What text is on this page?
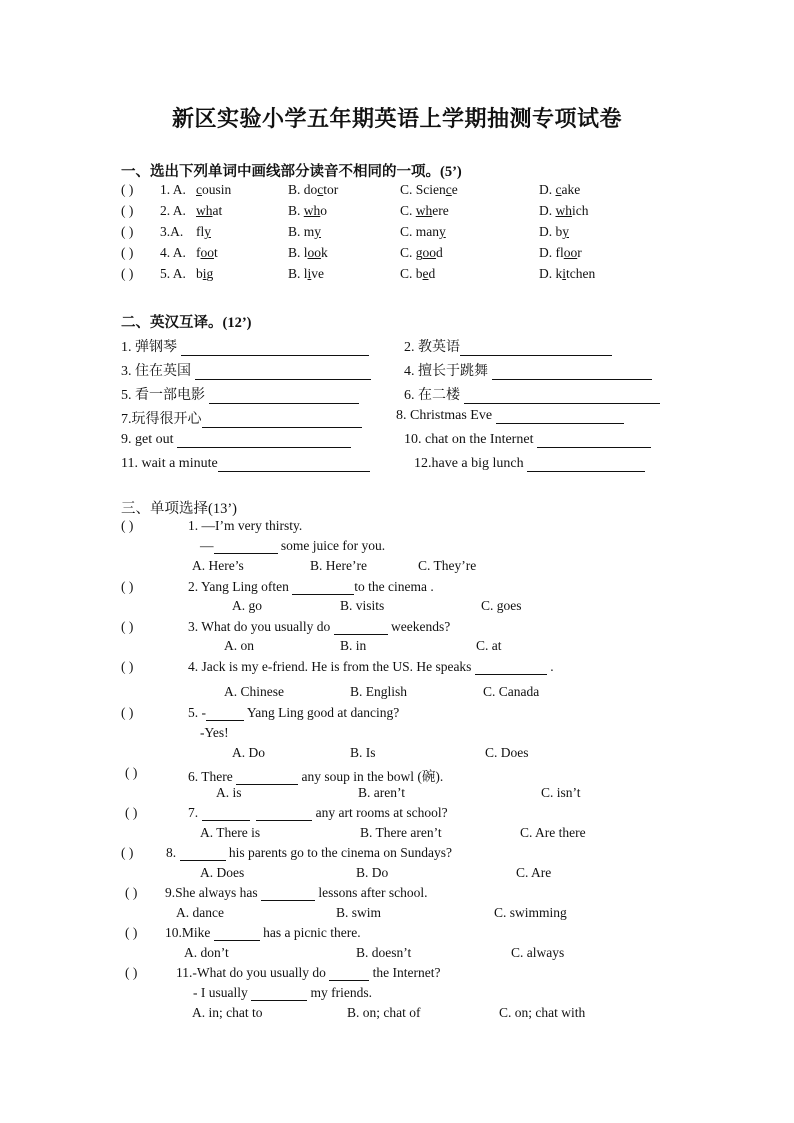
新区实验小学五年期英语上学期抽测专项试卷
一、选出下列单词中画线部分读音不相同的一项。(5’)
( ) 1. A. cousin	B. doctor	C. Science	D. cake
( ) 2. A. what	B. who	C. where	D. which
( ) 3.A. fly	B. my	C. many	D. by
( ) 4. A. foot	B. look	C. good	D. floor
( ) 5. A. big	B. live	C. bed	D. kitchen
二、英汉互译。(12’)
1. 弹钢琴	2. 教英语
3. 住在英国	4. 擅长于跳舞
5. 看一部电影	6. 在二楼
7.玩得很开心	8. Christmas Eve
9. get out	10. chat on the Internet
11. wait a minute	12.have a big lunch
三、单项选择(13’)
( )	1. —I’m very thirsty.
—	some juice for you.
A. Here’s	B. Here’re	C. They’re
( )	2. Yang Ling often	to the cinema .
A. go	B. visits	C. goes
( )	3. What do you usually do	weekends?
A. on	B. in	C. at
( )	4. Jack is my e-friend. He is from the US. He speaks	.
A. Chinese	B. English	C. Canada
( )	5. -	Yang Ling good at dancing?
-Yes!
A. Do	B. Is	C. Does
( )	6. There	any soup in the bowl (碗).
A. is	B. aren’t	C. isn’t
( )	7.	any art rooms at school?
A. There is	B. There aren’t	C. Are there
( ) 8.	his parents go to the cinema on Sundays?
A. Does	B. Do	C. Are
( ) 9.She always has	lessons after school.
A. dance	B. swim	C. swimming
( ) 10.Mike	has a picnic there.
A. don’t	B. doesn’t	C. always
( )	11.-What do you usually do	the Internet?
- I usually	my friends.
A. in; chat to	B. on; chat of	C. on; chat with
